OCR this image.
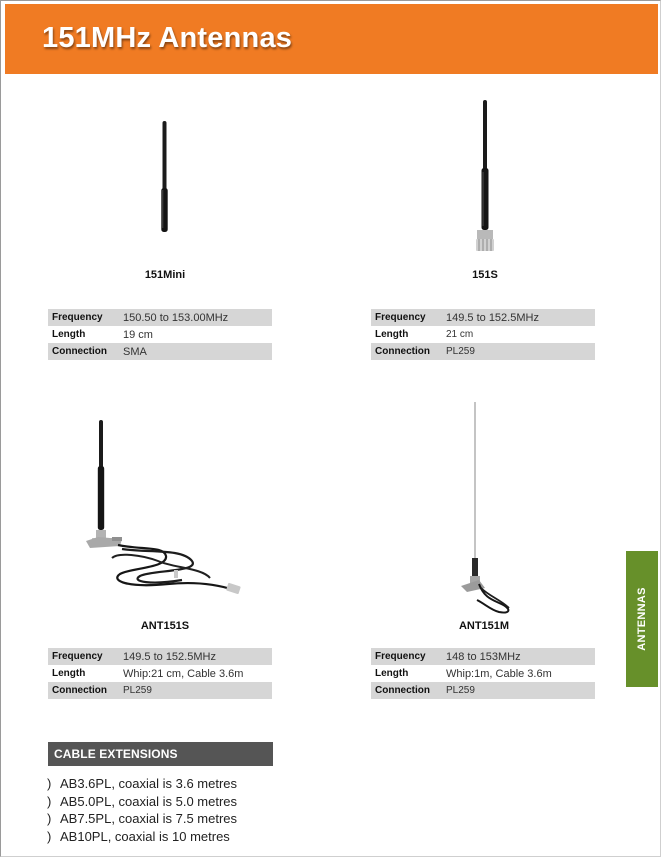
151MHz Antennas
151Mini
Frequency	150.50 to 153.00MHz
Length	19 cm
Connection	SMA
151S
Frequency	149.5 to 152.5MHz
Length	21 cm
Connection	PL259
ANT151S
Frequency	149.5 to 152.5MHz
Length	Whip:21 cm, Cable 3.6m
Connection	PL259
ANT151M
Frequency	148 to 153MHz
Length	Whip:1m, Cable 3.6m
Connection	PL259
ANTENNAS
CABLE EXTENSIONS
) AB3.6PL, coaxial is 3.6 metres
) AB5.0PL, coaxial is 5.0 metres
) AB7.5PL, coaxial is 7.5 metres
) AB10PL, coaxial is 10 metres
